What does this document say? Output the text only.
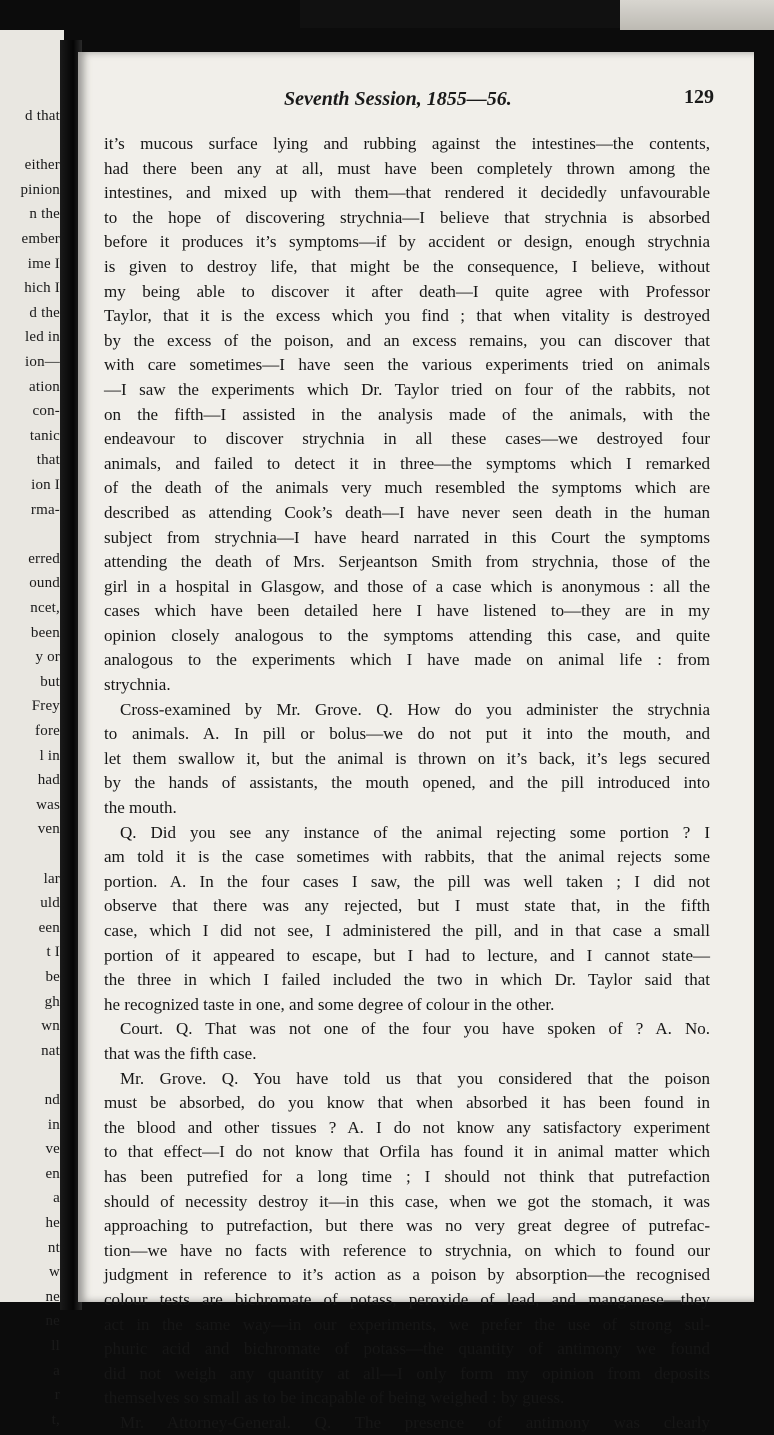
d that
either
pinion
n the
ember
ime I
hich I
d the
led in
ion—
ation
con-
tanic
that
ion I
rma-
erred
ound
ncet,
been
y or
but
Frey
fore
l in
had
was
ven
lar
uld
een
t I
be
gh
wn
nat
nd
in
ve
en
a
he
nt
w
ne
ne
ll
a
r
t,
Seventh Session, 1855—56.	129
it’s mucous surface lying and rubbing against the intestines—the contents,
had there been any at all, must have been completely thrown among the
intestines, and mixed up with them—that rendered it decidedly unfavourable
to the hope of discovering strychnia—I believe that strychnia is absorbed
before it produces it’s symptoms—if by accident or design, enough strychnia
is given to destroy life, that might be the consequence, I believe, without
my being able to discover it after death—I quite agree with Professor
Taylor, that it is the excess which you find ; that when vitality is destroyed
by the excess of the poison, and an excess remains, you can discover that
with care sometimes—I have seen the various experiments tried on animals
—I saw the experiments which Dr. Taylor tried on four of the rabbits, not
on the fifth—I assisted in the analysis made of the animals, with the
endeavour to discover strychnia in all these cases—we destroyed four
animals, and failed to detect it in three—the symptoms which I remarked
of the death of the animals very much resembled the symptoms which are
described as attending Cook’s death—I have never seen death in the human
subject from strychnia—I have heard narrated in this Court the symptoms
attending the death of Mrs. Serjeantson Smith from strychnia, those of the
girl in a hospital in Glasgow, and those of a case which is anonymous : all the
cases which have been detailed here I have listened to—they are in my
opinion closely analogous to the symptoms attending this case, and quite
analogous to the experiments which I have made on animal life : from
strychnia.
Cross-examined by Mr. Grove. Q. How do you administer the strychnia
to animals. A. In pill or bolus—we do not put it into the mouth, and
let them swallow it, but the animal is thrown on it’s back, it’s legs secured
by the hands of assistants, the mouth opened, and the pill introduced into
the mouth.
Q. Did you see any instance of the animal rejecting some portion ? I
am told it is the case sometimes with rabbits, that the animal rejects some
portion. A. In the four cases I saw, the pill was well taken ; I did not
observe that there was any rejected, but I must state that, in the fifth
case, which I did not see, I administered the pill, and in that case a small
portion of it appeared to escape, but I had to lecture, and I cannot state—
the three in which I failed included the two in which Dr. Taylor said that
he recognized taste in one, and some degree of colour in the other.
Court. Q. That was not one of the four you have spoken of ? A. No.
that was the fifth case.
Mr. Grove. Q. You have told us that you considered that the poison
must be absorbed, do you know that when absorbed it has been found in
the blood and other tissues ? A. I do not know any satisfactory experiment
to that effect—I do not know that Orfila has found it in animal matter which
has been putrefied for a long time ; I should not think that putrefaction
should of necessity destroy it—in this case, when we got the stomach, it was
approaching to putrefaction, but there was no very great degree of putrefac-
tion—we have no facts with reference to strychnia, on which to found our
judgment in reference to it’s action as a poison by absorption—the recognised
colour tests are bichromate of potass, peroxide of lead, and manganese—they
act in the same way—in our experiments, we prefer the use of strong sul-
phuric acid and bichromate of potass—the quantity of antimony we found
did not weigh any quantity at all—I only form my opinion from deposits
themselves so small as to be incapable of being weighed : by guess.
Mr. Attorney-General. Q. The presence of antimony was clearly
